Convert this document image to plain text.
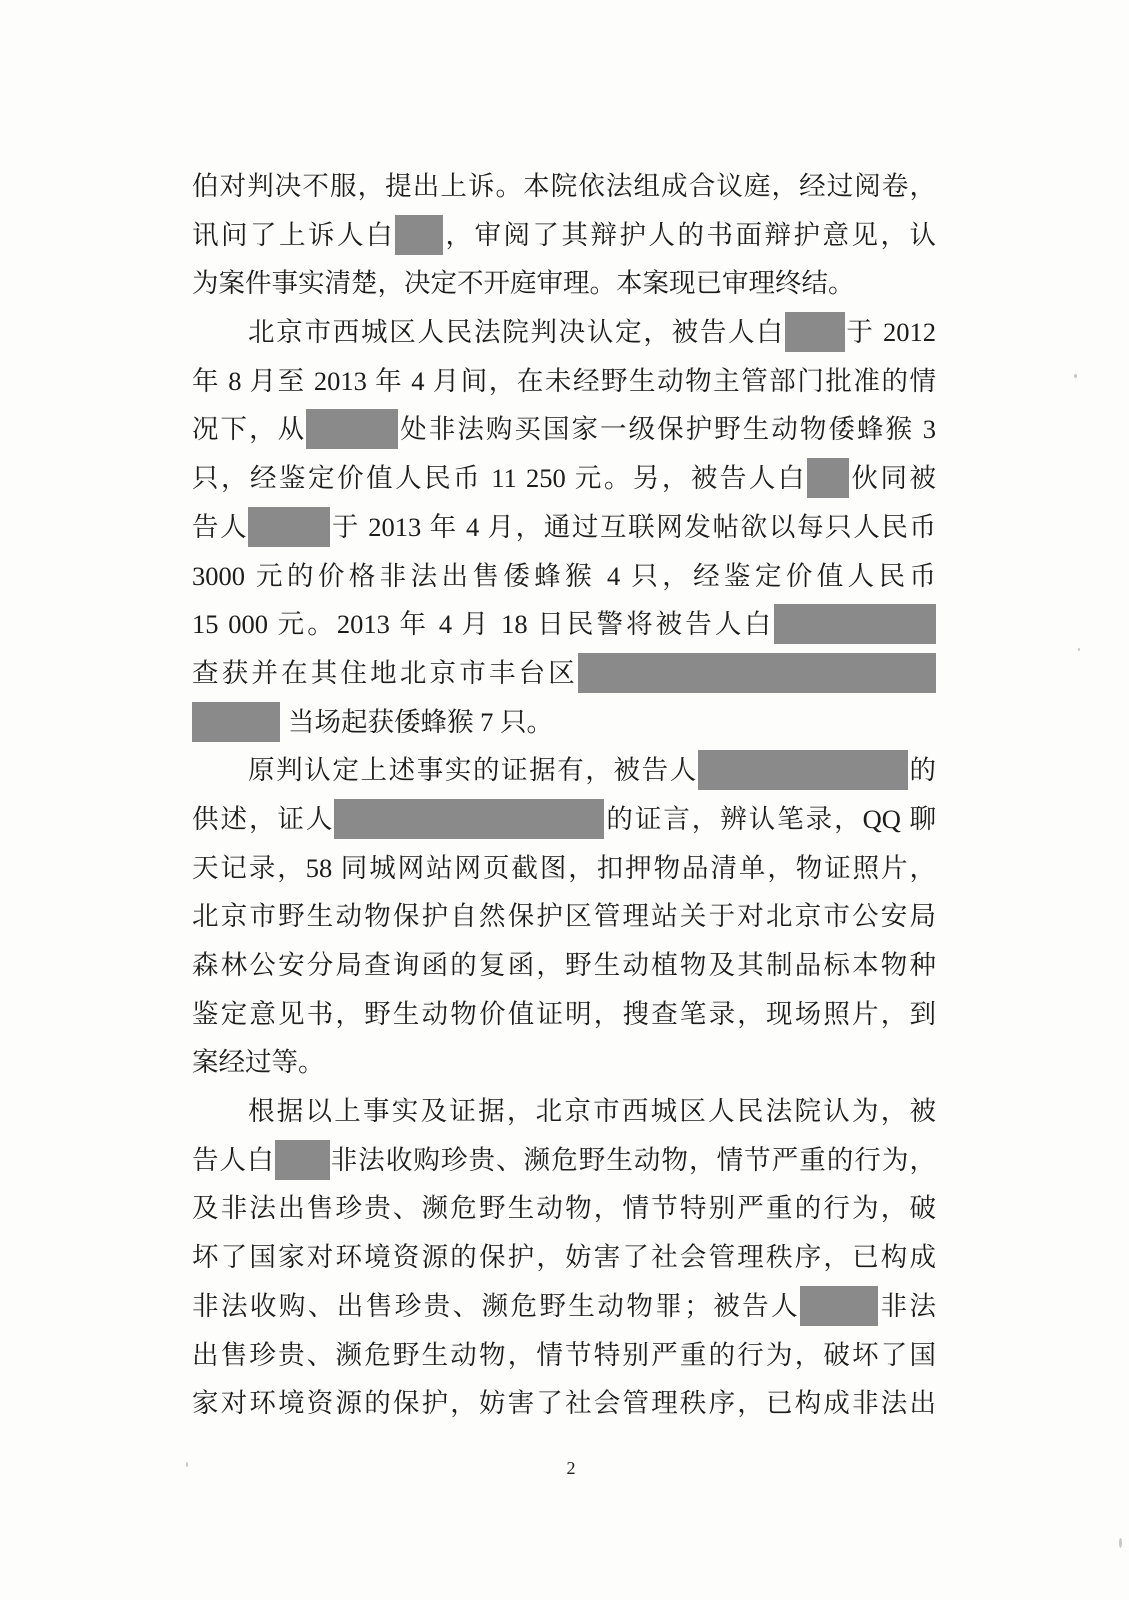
伯对判决不服，提出上诉。本院依法组成合议庭，经过阅卷，
讯问了上诉人白 ，审阅了其辩护人的书面辩护意见，认
为案件事实清楚，决定不开庭审理。本案现已审理终结。
北京市西城区人民法院判决认定，被告人白 于 2012
年 8 月至 2013 年 4 月间，在未经野生动物主管部门批准的情
况下，从	处非法购买国家一级保护野生动物倭蜂猴 3
只，经鉴定价值人民币 11 250 元。另，被告人白 伙同被
告人	于 2013 年 4 月，通过互联网发帖欲以每只人民币
3000 元的价格非法出售倭蜂猴 4 只，经鉴定价值人民币
15 000 元。2013 年 4 月 18 日民警将被告人白
查获并在其住地北京市丰台区
当场起获倭蜂猴 7 只。
原判认定上述事实的证据有，被告人	的
供述，证人	的证言，辨认笔录，QQ 聊
天记录，58 同城网站网页截图，扣押物品清单，物证照片，
北京市野生动物保护自然保护区管理站关于对北京市公安局
森林公安分局查询函的复函，野生动植物及其制品标本物种
鉴定意见书，野生动物价值证明，搜查笔录，现场照片，到
案经过等。
根据以上事实及证据，北京市西城区人民法院认为，被
告人白 非法收购珍贵、濒危野生动物，情节严重的行为，
及非法出售珍贵、濒危野生动物，情节特别严重的行为，破
坏了国家对环境资源的保护，妨害了社会管理秩序，已构成
非法收购、出售珍贵、濒危野生动物罪；被告人	非法
出售珍贵、濒危野生动物，情节特别严重的行为，破坏了国
家对环境资源的保护，妨害了社会管理秩序，已构成非法出
2
